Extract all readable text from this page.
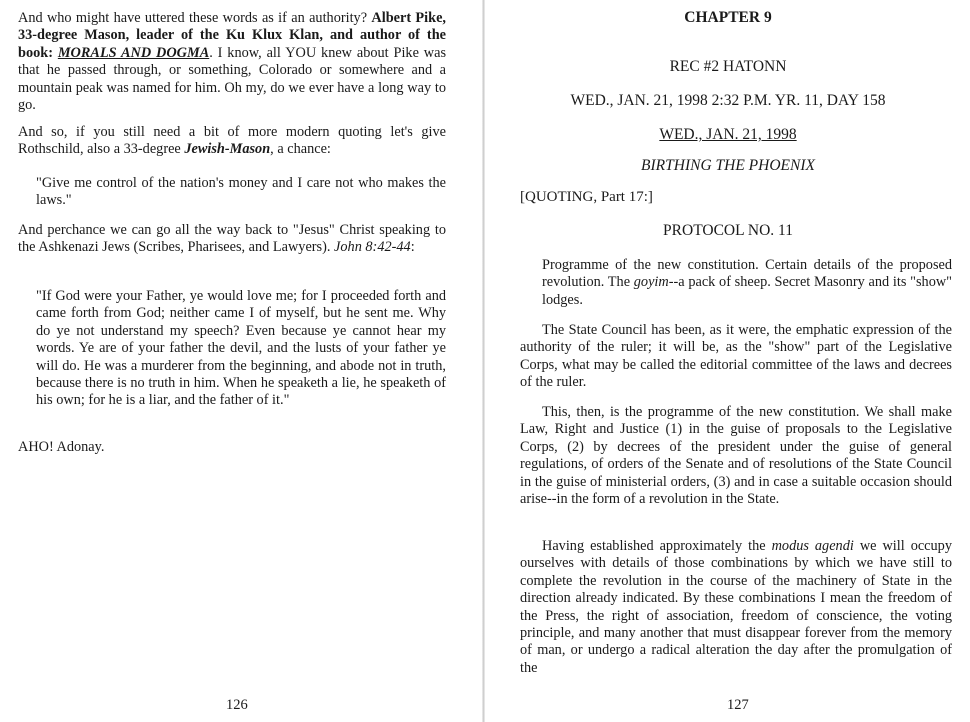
And who might have uttered these words as if an authority? Albert Pike, 33-degree Mason, leader of the Ku Klux Klan, and author of the book: MORALS AND DOGMA. I know, all YOU knew about Pike was that he passed through, or something, Colorado or somewhere and a mountain peak was named for him. Oh my, do we ever have a long way to go.

And so, if you still need a bit of more modern quoting let's give Rothschild, also a 33-degree Jewish-Mason, a chance:

"Give me control of the nation's money and I care not who makes the laws."

And perchance we can go all the way back to "Jesus" Christ speaking to the Ashkenazi Jews (Scribes, Pharisees, and Lawyers). John 8:42-44:

"If God were your Father, ye would love me; for I proceeded forth and came forth from God; neither came I of myself, but he sent me. Why do ye not understand my speech? Even because ye cannot hear my words. Ye are of your father the devil, and the lusts of your father ye will do. He was a murderer from the beginning, and abode not in truth, because there is no truth in him. When he speaketh a lie, he speaketh of his own; for he is a liar, and the father of it."

AHO! Adonay.

126

CHAPTER 9

REC #2 HATONN

WED., JAN. 21, 1998 2:32 P.M. YR. 11, DAY 158

WED., JAN. 21, 1998

BIRTHING THE PHOENIX

[QUOTING, Part 17:]

PROTOCOL NO. 11

Programme of the new constitution. Certain details of the proposed revolution. The goyim--a pack of sheep. Secret Masonry and its "show" lodges.

The State Council has been, as it were, the emphatic expression of the authority of the ruler; it will be, as the "show" part of the Legislative Corps, what may be called the editorial committee of the laws and decrees of the ruler.

This, then, is the programme of the new constitution. We shall make Law, Right and Justice (1) in the guise of proposals to the Legislative Corps, (2) by decrees of the president under the guise of general regulations, of orders of the Senate and of resolutions of the State Council in the guise of ministerial orders, (3) and in case a suitable occasion should arise--in the form of a revolution in the State.

Having established approximately the modus agendi we will occupy ourselves with details of those combinations by which we have still to complete the revolution in the course of the machinery of State in the direction already indicated. By these combinations I mean the freedom of the Press, the right of association, freedom of conscience, the voting principle, and many another that must disappear forever from the memory of man, or undergo a radical alteration the day after the promulgation of the

127
